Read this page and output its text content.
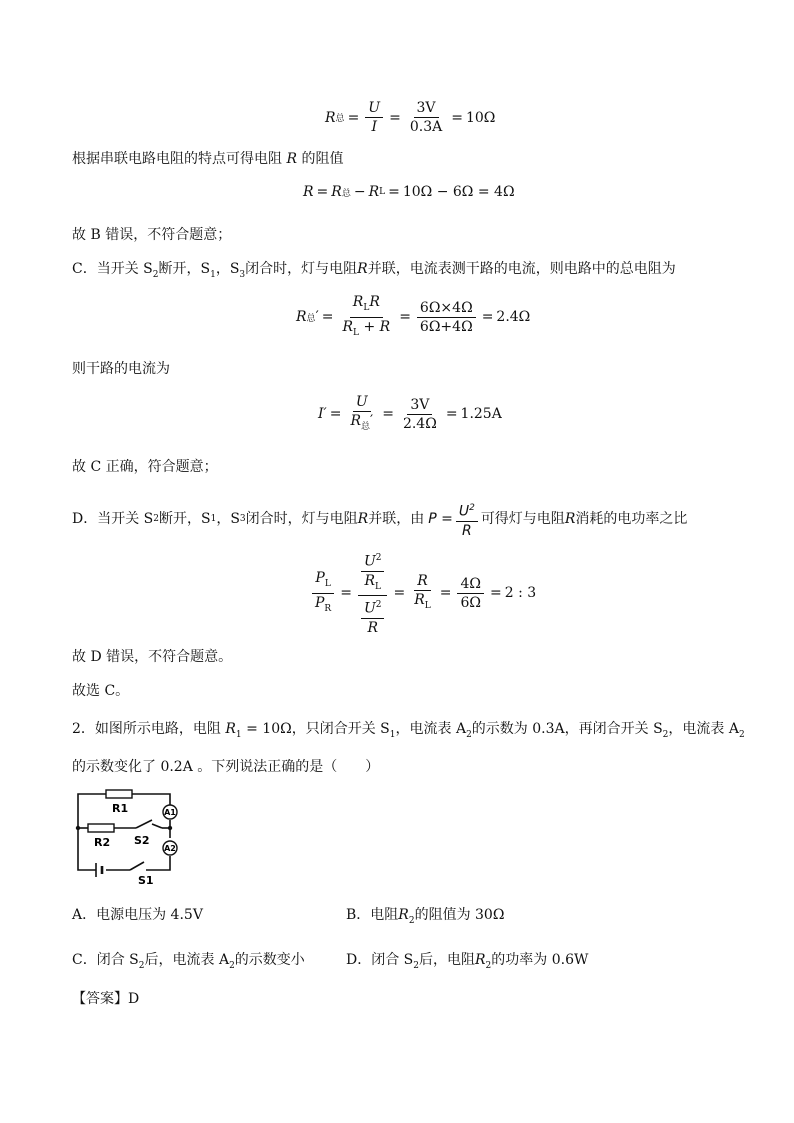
R 总 = $\frac{U}{I} = \frac{3V}{0.3A} = 10\Omega$
根据串联电路电阻的特点可得电阻 R 的阻值
R = R 总 − R L = 10Ω − 6Ω = 4Ω
故 B 错误，不符合题意；
C．当开关 $S_2$断开，$S_1$，$S_3$闭合时，灯与电阻R并联，电流表测干路的电流，则电路中的总电阻为
R 总 ′ = $\frac{R_LR}{R_L + R} = \frac{6\Omega\times 4\Omega}{6\Omega+4\Omega} = 2.4\Omega$
则干路的电流为
$I' = \frac{U}{R_总'} = \frac{3V}{2.4\Omega} = 1.25A$
故 C 正确，符合题意；
D．当开关 S 2 断开，S 1 ，S 3 闭合时，灯与电阻 R 并联，由 $P = \frac{U^2}{R}$ 可得灯与电阻 R 消耗的电功率之比
$\frac{P_L}{P_R} = \frac{\frac{U^2}{R_L}}{\frac{U^2}{R}} = \frac{R}{R_L} = \frac{4\Omega}{6\Omega} = 2$ : 3
故 D 错误，不符合题意。
故选 C。
2．如图所示电路，电阻 $R_1 = 10\Omega$，只闭合开关 $S_1$，电流表 $A_2$的示数为 0.3A，再闭合开关 $S_2$，电流表 $A_2$
的示数变化了 0.2A 。下列说法正确的是（　　）
A1
A2
R1
R2 S2
S1
A．电源电压为 4.5V	B．电阻$R_2$的阻值为 30Ω
C．闭合 $S_2$后，电流表 $A_2$的示数变小	D．闭合 $S_2$后，电阻$R_2$的功率为 0.6W
【答案】D
